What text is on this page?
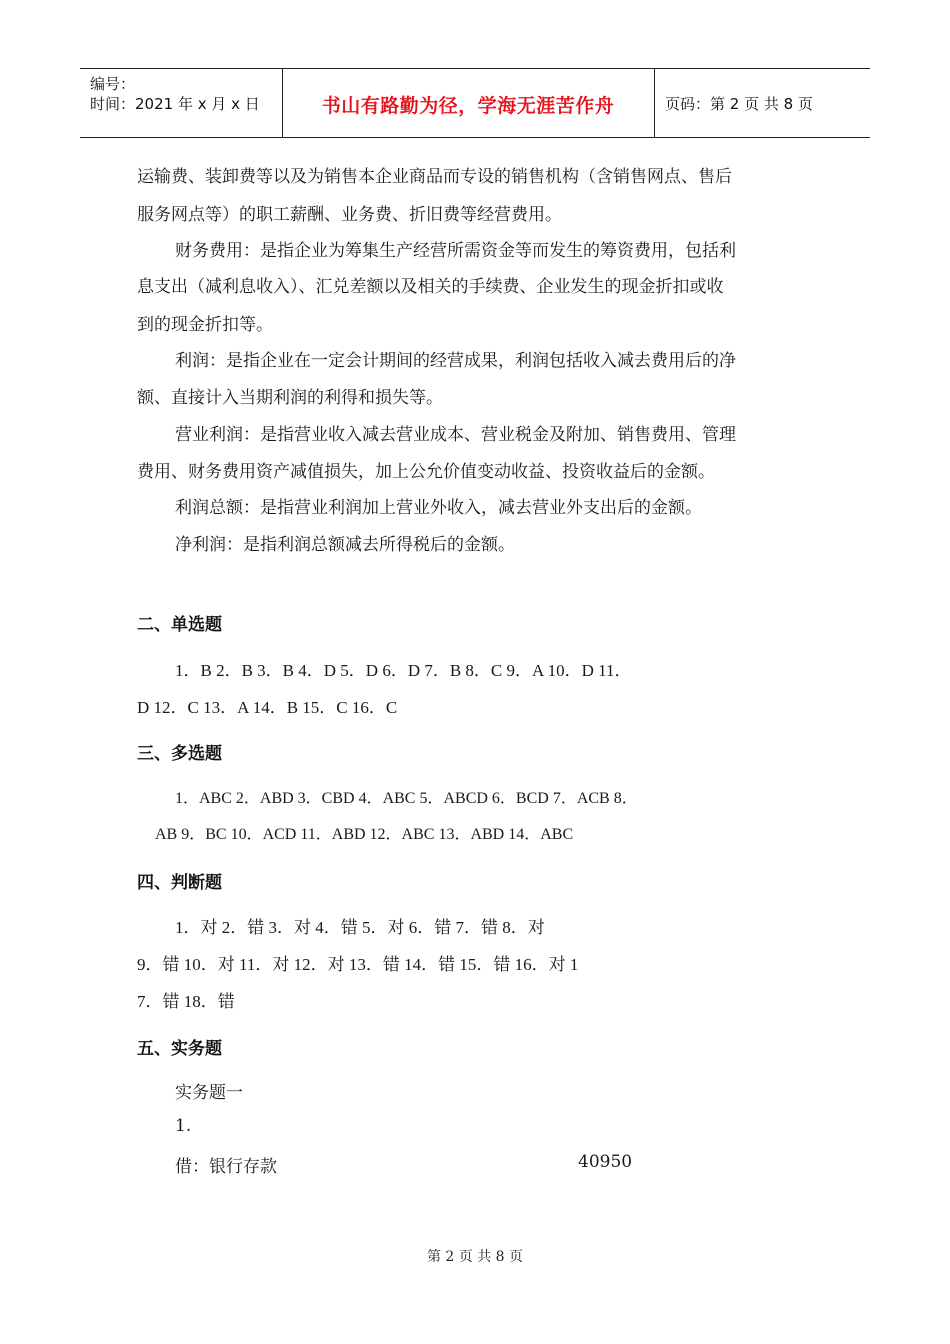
编号：
时间：2021 年 x 月 x 日	书山有路勤为径，学海无涯苦作舟	页码：第 2 页 共 8 页
运输费、装卸费等以及为销售本企业商品而专设的销售机构（含销售网点、售后
服务网点等）的职工薪酬、业务费、折旧费等经营费用。
财务费用：是指企业为筹集生产经营所需资金等而发生的筹资费用，包括利
息支出（减利息收入）、汇兑差额以及相关的手续费、企业发生的现金折扣或收
到的现金折扣等。
利润：是指企业在一定会计期间的经营成果，利润包括收入减去费用后的净
额、直接计入当期利润的利得和损失等。
营业利润：是指营业收入减去营业成本、营业税金及附加、销售费用、管理
费用、财务费用资产减值损失，加上公允价值变动收益、投资收益后的金额。
利润总额：是指营业利润加上营业外收入，减去营业外支出后的金额。
净利润：是指利润总额减去所得税后的金额。
二、单选题
1．B 2．B 3．B 4．D 5．D 6．D 7．B 8．C 9．A 10．D 11．
D 12．C 13．A 14．B 15．C 16．C
三、多选题
1．ABC 2．ABD 3．CBD 4．ABC 5．ABCD 6．BCD 7．ACB 8．
AB 9．BC 10．ACD 11．ABD 12．ABC 13．ABD 14．ABC
四、判断题
1．对 2．错 3．对 4．错 5．对 6．错 7．错 8．对
9．错 10．对 11．对 12．对 13．错 14．错 15．错 16．对 1
7．错 18．错
五、实务题
实务题一
1.
借：银行存款	40950
第 2 页 共 8 页
